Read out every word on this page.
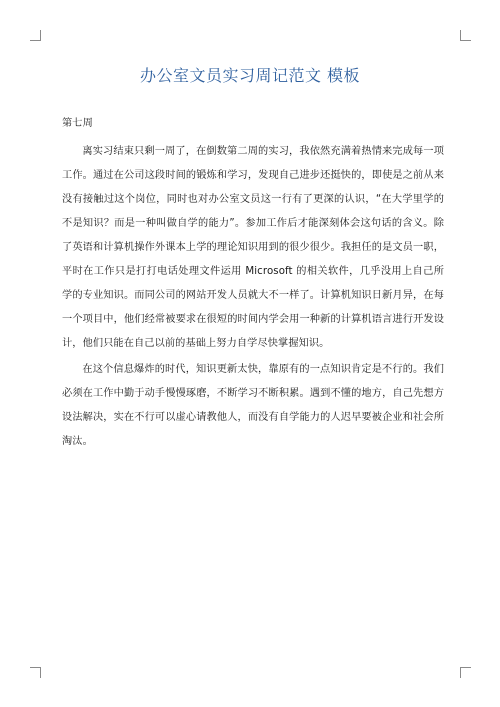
办公室文员实习周记范文 模板

第七周

离实习结束只剩一周了，在倒数第二周的实习，我依然充满着热情来完成每一项工作。通过在公司这段时间的锻炼和学习，发现自己进步还挺快的，即使是之前从来没有接触过这个岗位，同时也对办公室文员这一行有了更深的认识，“在大学里学的不是知识？而是一种叫做自学的能力”。参加工作后才能深刻体会这句话的含义。除了英语和计算机操作外课本上学的理论知识用到的很少很少。我担任的是文员一职，平时在工作只是打打电话处理文件运用 Microsoft 的相关软件，几乎没用上自己所学的专业知识。而同公司的网站开发人员就大不一样了。计算机知识日新月异，在每一个项目中，他们经常被要求在很短的时间内学会用一种新的计算机语言进行开发设计，他们只能在自己以前的基础上努力自学尽快掌握知识。

在这个信息爆炸的时代，知识更新太快，靠原有的一点知识肯定是不行的。我们必须在工作中勤于动手慢慢琢磨，不断学习不断积累。遇到不懂的地方，自己先想方设法解决，实在不行可以虚心请教他人，而没有自学能力的人迟早要被企业和社会所淘汰。
